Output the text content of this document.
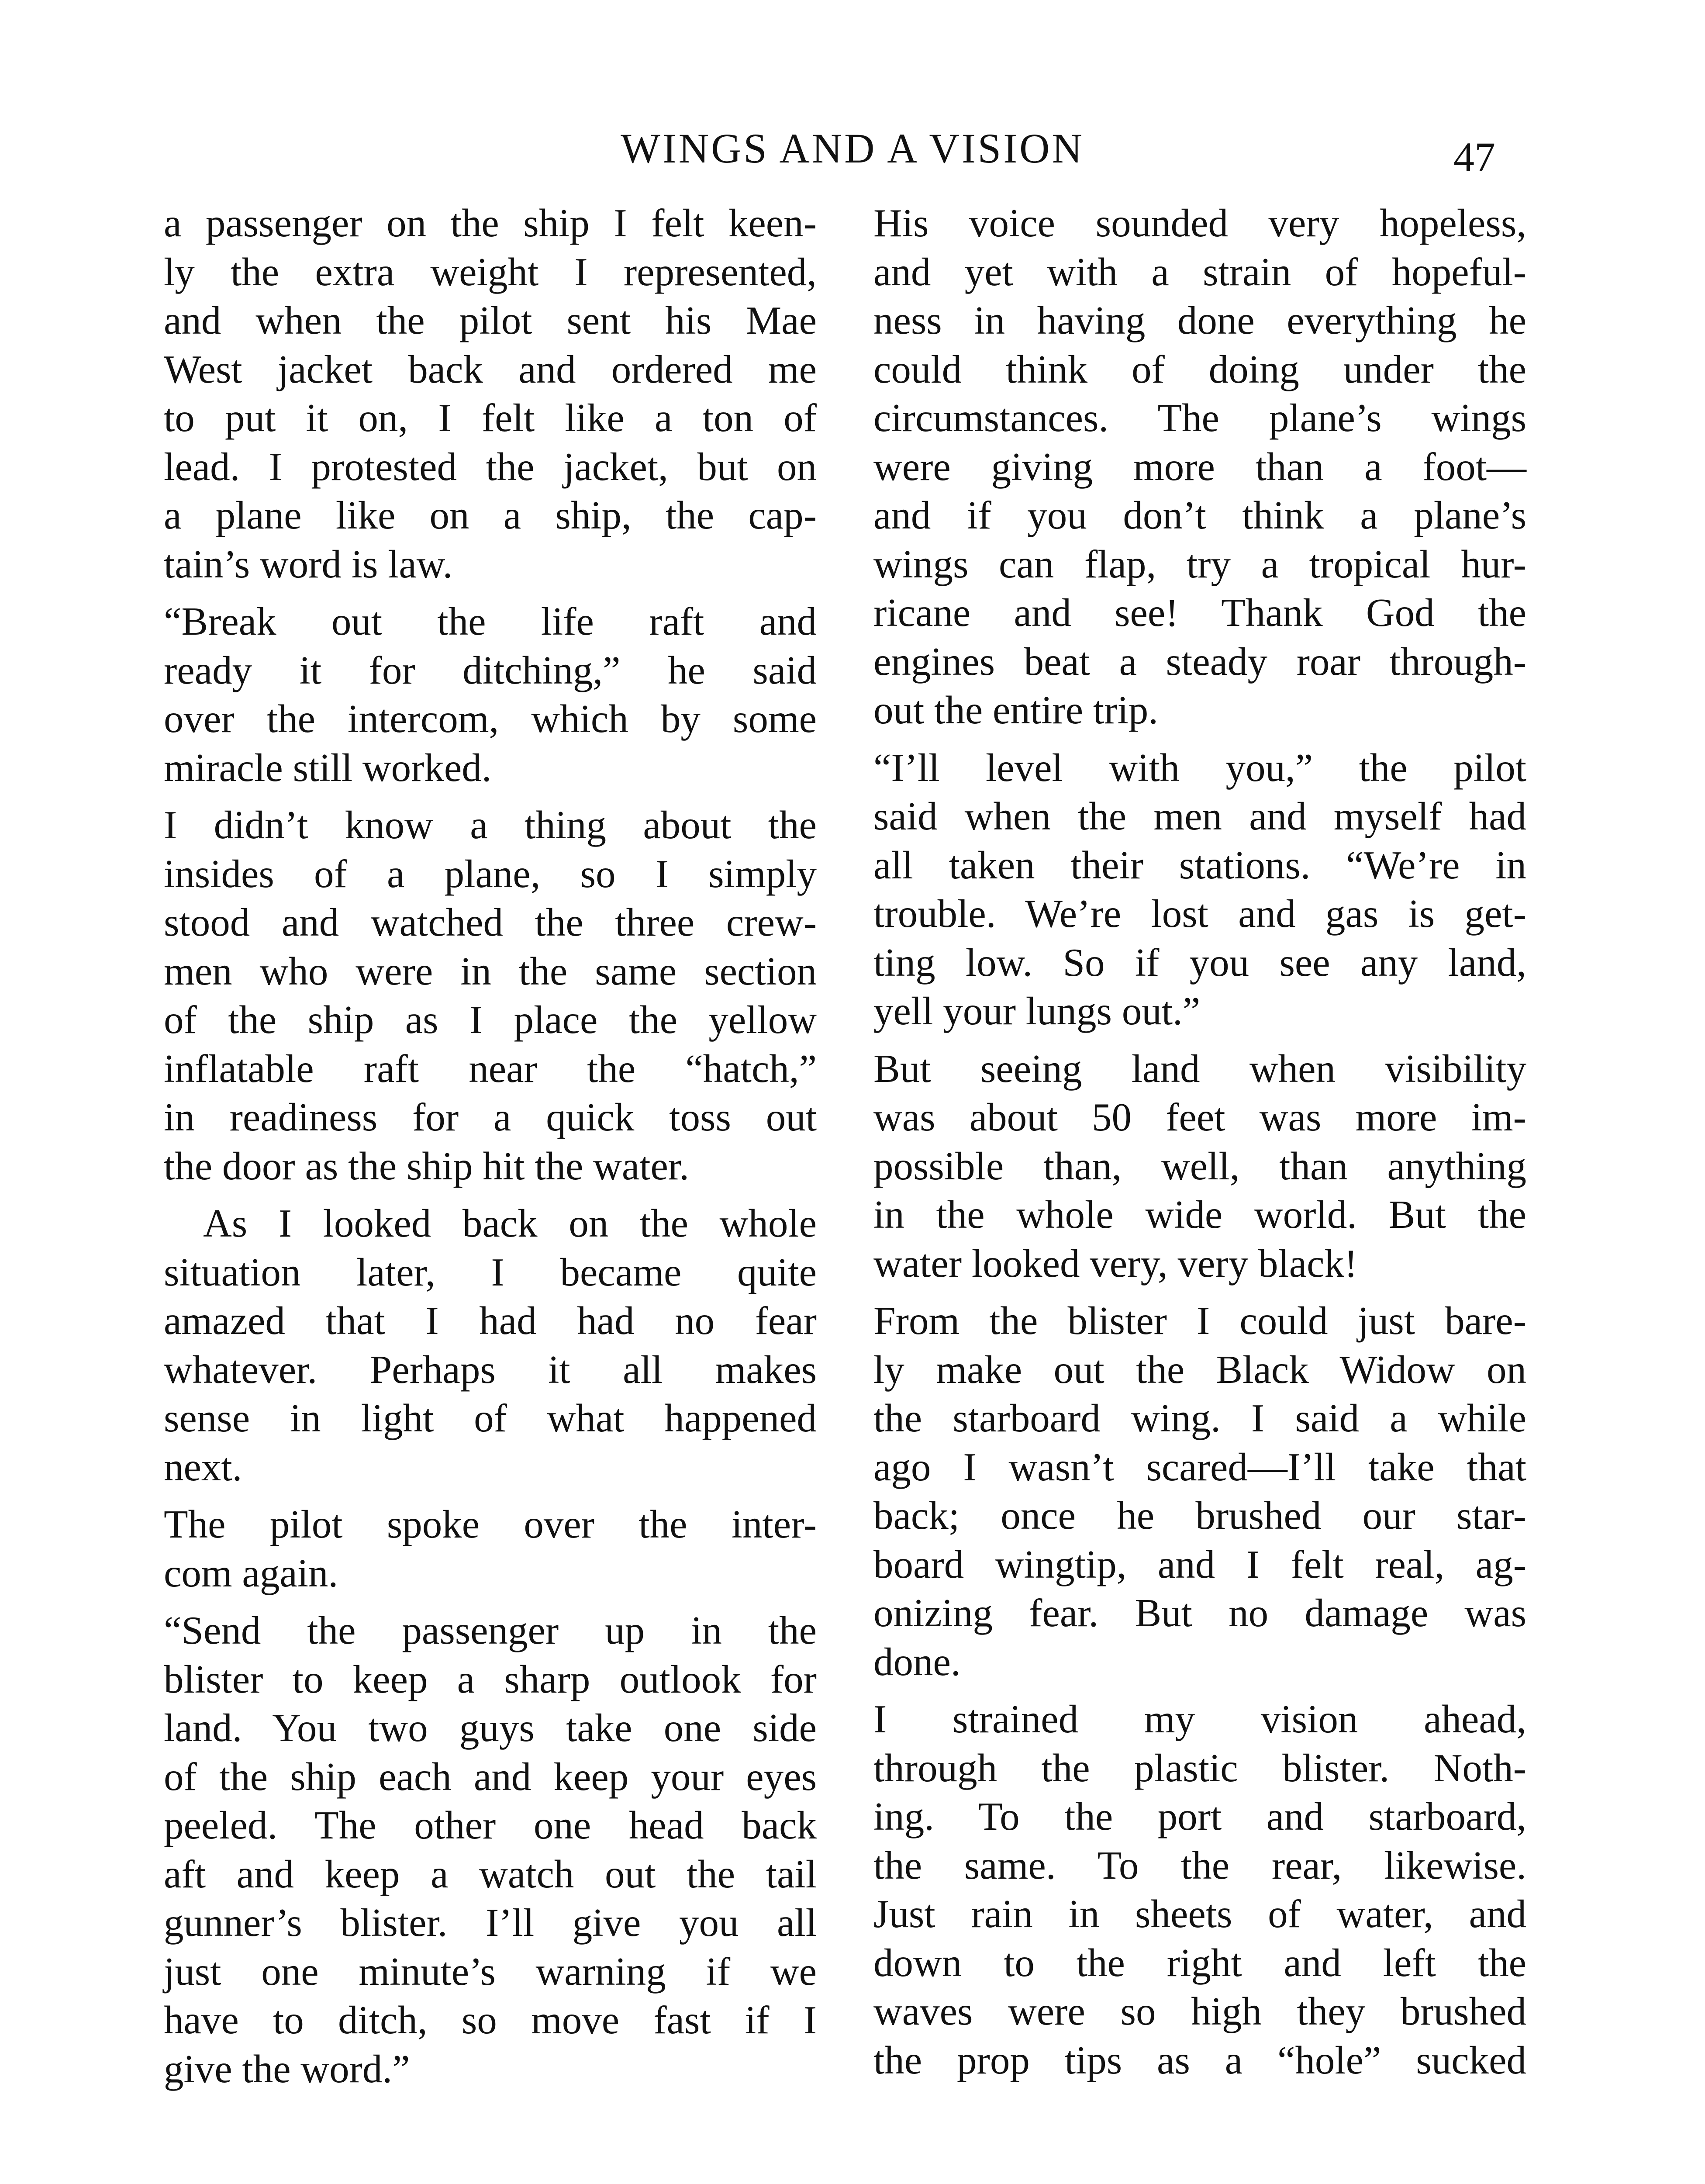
WINGS AND A VISION	47
a passenger on the ship I felt keen-
ly the extra weight I represented,
and when the pilot sent his Mae
West jacket back and ordered me
to put it on, I felt like a ton of
lead. I protested the jacket, but on
a plane like on a ship, the cap-
tain’s word is law.
“Break out the life raft and
ready it for ditching,” he said
over the intercom, which by some
miracle still worked.
I didn’t know a thing about the
insides of a plane, so I simply
stood and watched the three crew-
men who were in the same section
of the ship as I place the yellow
inflatable raft near the “hatch,”
in readiness for a quick toss out
the door as the ship hit the water.
As I looked back on the whole
situation later, I became quite
amazed that I had had no fear
whatever. Perhaps it all makes
sense in light of what happened
next.
The pilot spoke over the inter-
com again.
“Send the passenger up in the
blister to keep a sharp outlook for
land. You two guys take one side
of the ship each and keep your eyes
peeled. The other one head back
aft and keep a watch out the tail
gunner’s blister. I’ll give you all
just one minute’s warning if we
have to ditch, so move fast if I
give the word.”
His voice sounded very hopeless,
and yet with a strain of hopeful-
ness in having done everything he
could think of doing under the
circumstances. The plane’s wings
were giving more than a foot—
and if you don’t think a plane’s
wings can flap, try a tropical hur-
ricane and see! Thank God the
engines beat a steady roar through-
out the entire trip.
“I’ll level with you,” the pilot
said when the men and myself had
all taken their stations. “We’re in
trouble. We’re lost and gas is get-
ting low. So if you see any land,
yell your lungs out.”
But seeing land when visibility
was about 50 feet was more im-
possible than, well, than anything
in the whole wide world. But the
water looked very, very black!
From the blister I could just bare-
ly make out the Black Widow on
the starboard wing. I said a while
ago I wasn’t scared—I’ll take that
back; once he brushed our star-
board wingtip, and I felt real, ag-
onizing fear. But no damage was
done.
I strained my vision ahead,
through the plastic blister. Noth-
ing. To the port and starboard,
the same. To the rear, likewise.
Just rain in sheets of water, and
down to the right and left the
waves were so high they brushed
the prop tips as a “hole” sucked
